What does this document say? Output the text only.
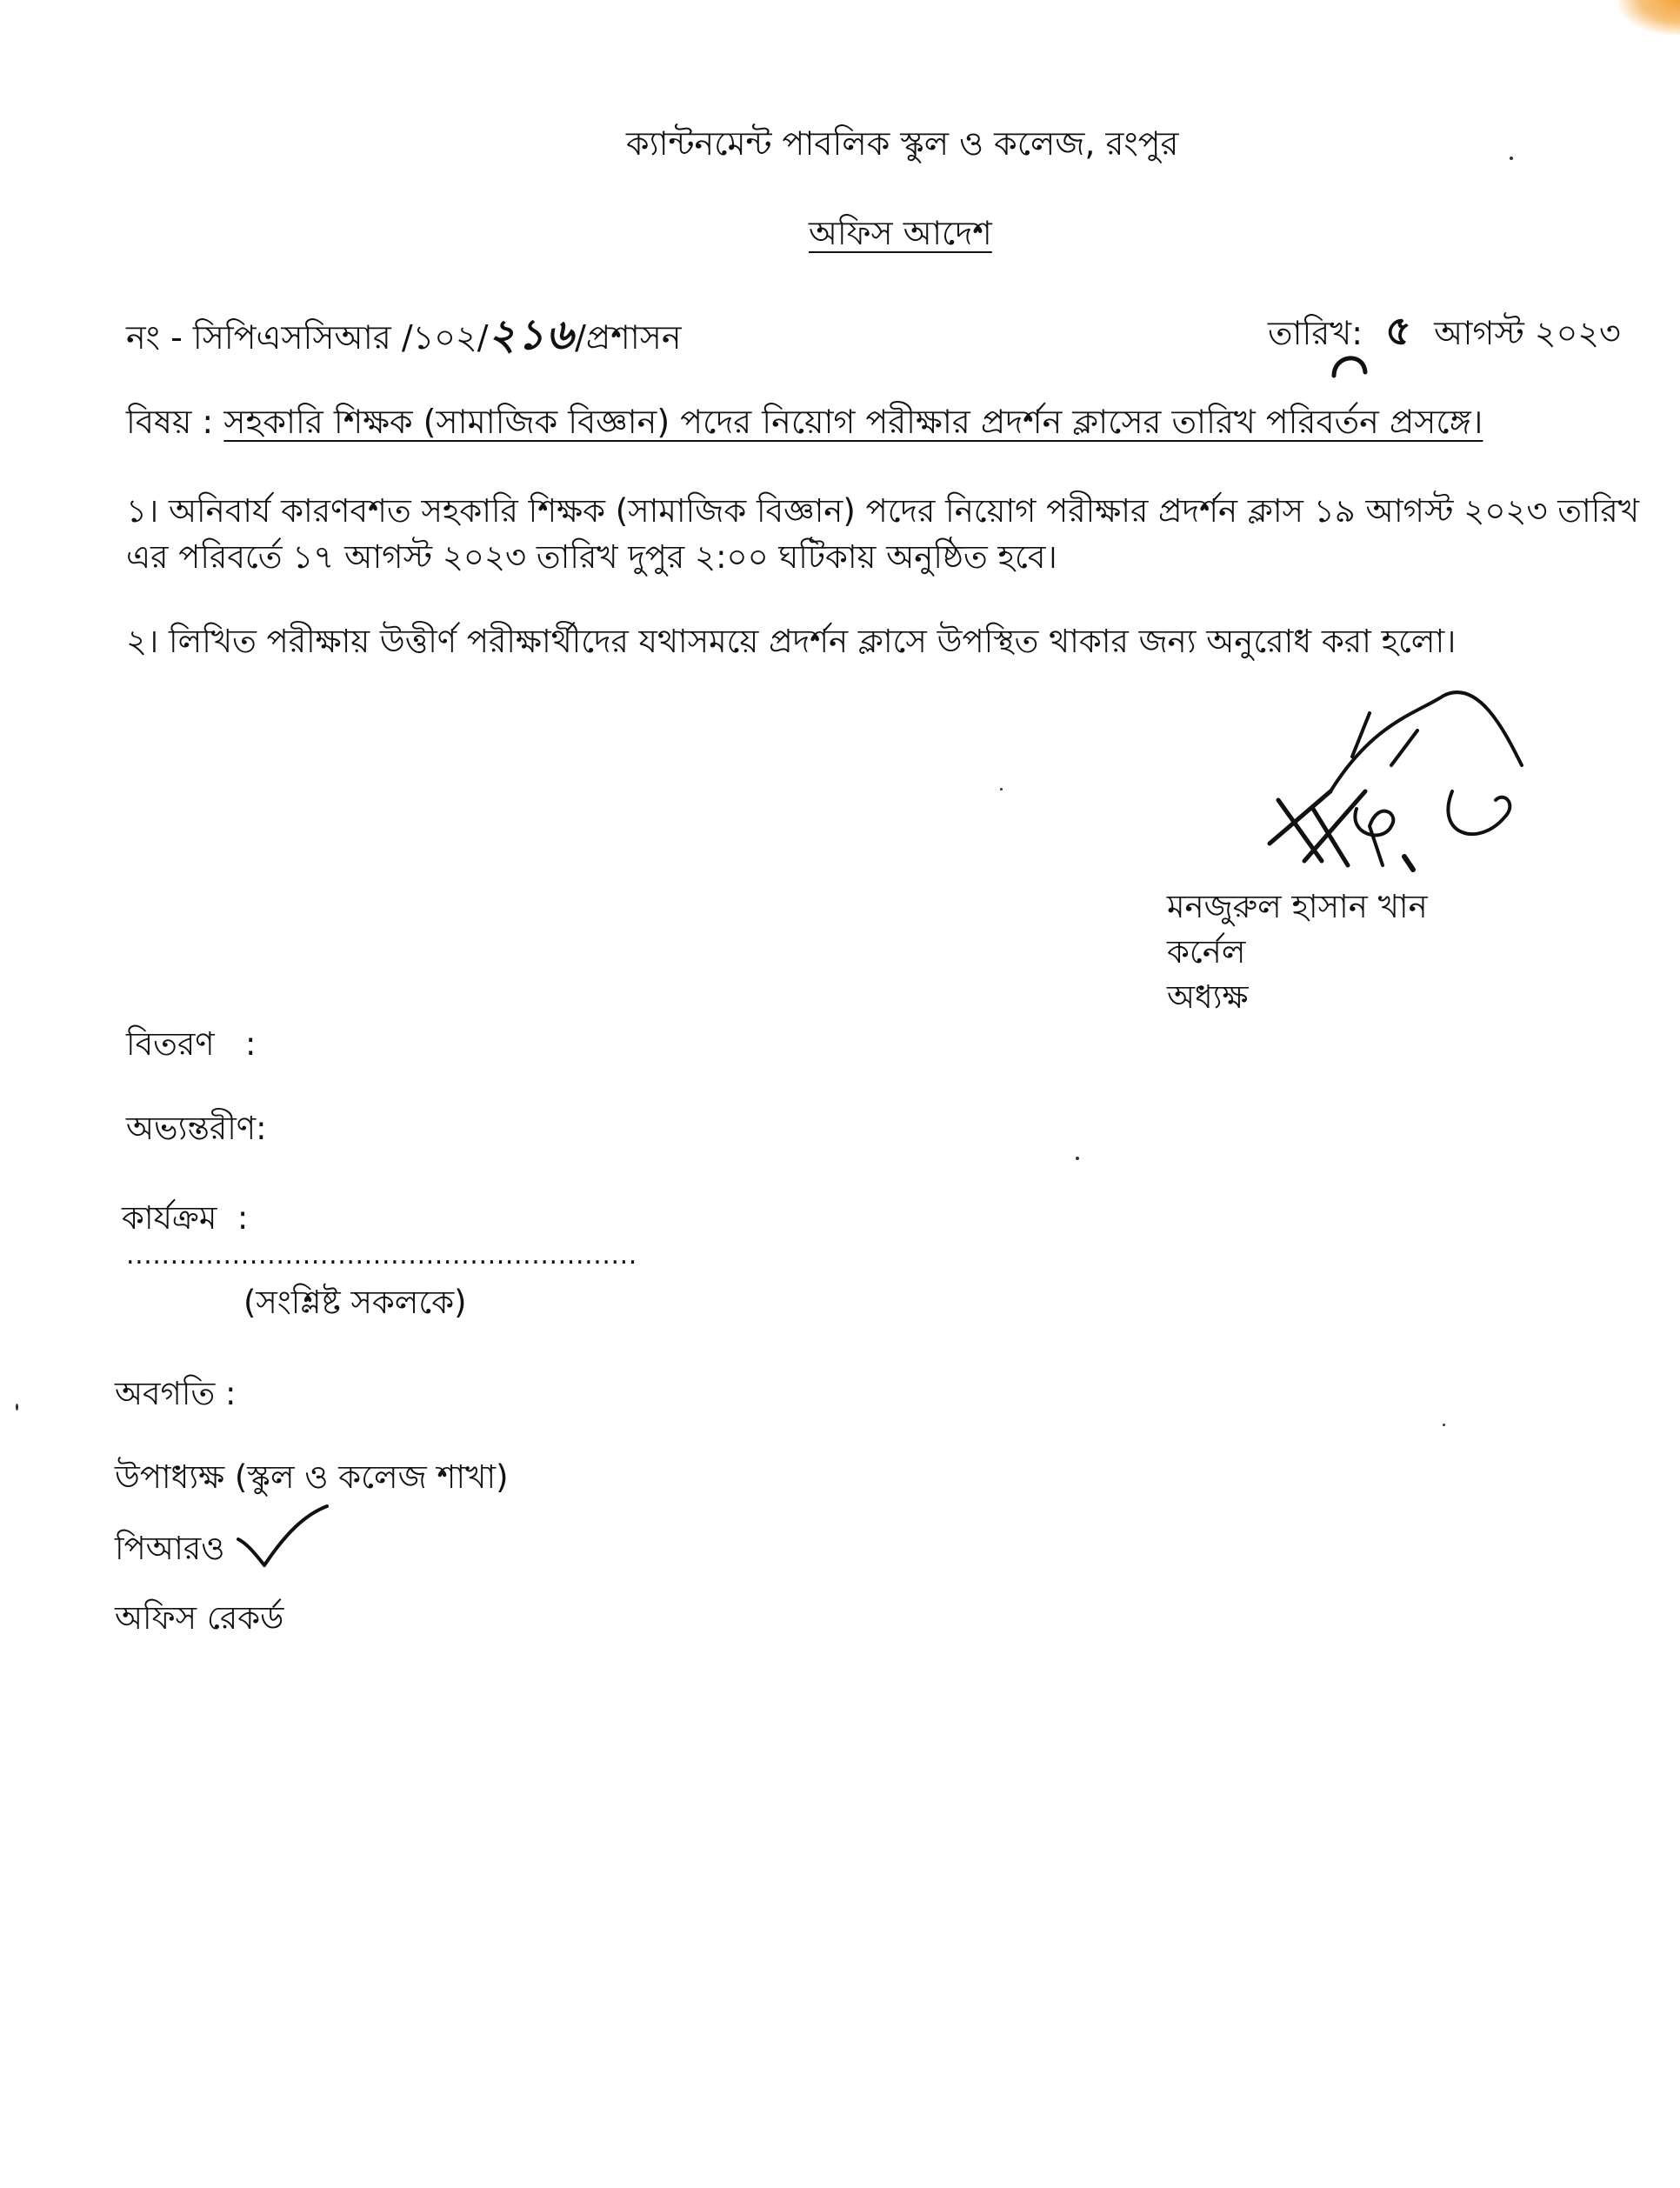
ক্যান্টনমেন্ট পাবলিক স্কুল ও কলেজ, রংপুর
অফিস আদেশ
নং - সিপিএসসিআর /১০২/২১৬/প্রশাসন	তারিখ: ৫ আগস্ট ২০২৩
বিষয় : সহকারি শিক্ষক (সামাজিক বিজ্ঞান) পদের নিয়োগ পরীক্ষার প্রদর্শন ক্লাসের তারিখ পরিবর্তন প্রসঙ্গে।
১। অনিবার্য কারণবশত সহকারি শিক্ষক (সামাজিক বিজ্ঞান) পদের নিয়োগ পরীক্ষার প্রদর্শন ক্লাস ১৯ আগস্ট ২০২৩ তারিখ
এর পরিবর্তে ১৭ আগস্ট ২০২৩ তারিখ দুপুর ২:০০ ঘটিকায় অনুষ্ঠিত হবে।
২। লিখিত পরীক্ষায় উত্তীর্ণ পরীক্ষার্থীদের যথাসময়ে প্রদর্শন ক্লাসে উপস্থিত থাকার জন্য অনুরোধ করা হলো।
মনজুরুল হাসান খান
কর্নেল
অধ্যক্ষ
বিতরণ   :
অভ্যন্তরীণ:
কার্যক্রম  :
..........................................................
(সংশ্লিষ্ট সকলকে)
অবগতি :
উপাধ্যক্ষ (স্কুল ও কলেজ শাখা)
পিআরও
অফিস রেকর্ড
